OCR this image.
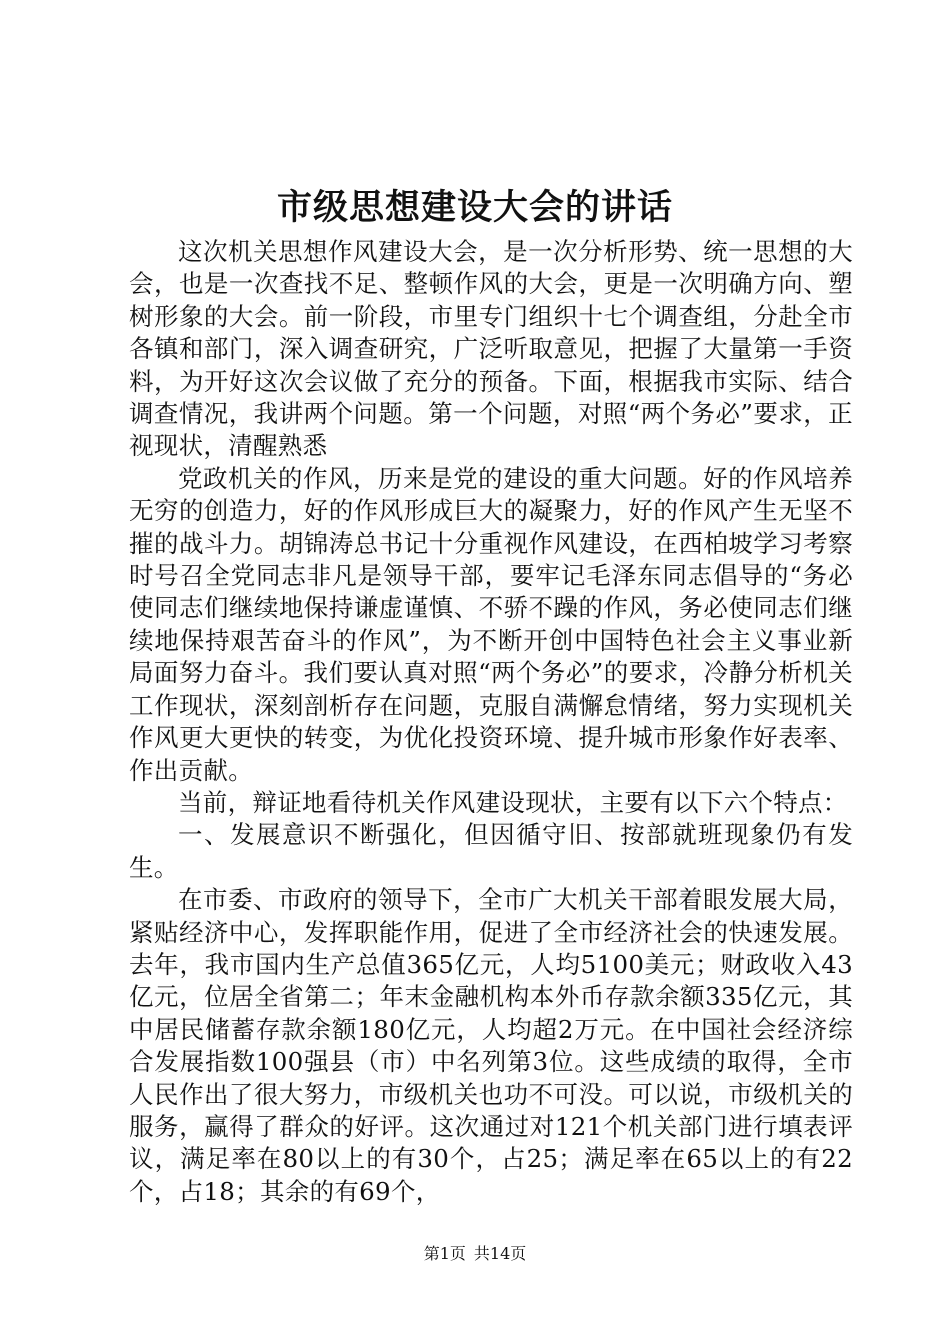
市级思想建设大会的讲话

这次机关思想作风建设大会，是一次分析形势、统一思想的大会，也是一次查找不足、整顿作风的大会，更是一次明确方向、塑树形象的大会。前一阶段，市里专门组织十七个调查组，分赴全市各镇和部门，深入调查研究，广泛听取意见，把握了大量第一手资料，为开好这次会议做了充分的预备。下面，根据我市实际、结合调查情况，我讲两个问题。第一个问题，对照“两个务必”要求，正视现状，清醒熟悉

党政机关的作风，历来是党的建设的重大问题。好的作风培养无穷的创造力，好的作风形成巨大的凝聚力，好的作风产生无坚不摧的战斗力。胡锦涛总书记十分重视作风建设，在西柏坡学习考察时号召全党同志非凡是领导干部，要牢记毛泽东同志倡导的“务必使同志们继续地保持谦虚谨慎、不骄不躁的作风，务必使同志们继续地保持艰苦奋斗的作风”，为不断开创中国特色社会主义事业新局面努力奋斗。我们要认真对照“两个务必”的要求，冷静分析机关工作现状，深刻剖析存在问题，克服自满懈怠情绪，努力实现机关作风更大更快的转变，为优化投资环境、提升城市形象作好表率、作出贡献。

当前，辩证地看待机关作风建设现状，主要有以下六个特点：

一、发展意识不断强化，但因循守旧、按部就班现象仍有发生。

在市委、市政府的领导下，全市广大机关干部着眼发展大局，紧贴经济中心，发挥职能作用，促进了全市经济社会的快速发展。去年，我市国内生产总值365亿元，人均5100美元；财政收入43亿元，位居全省第二；年末金融机构本外币存款余额335亿元，其中居民储蓄存款余额180亿元，人均超2万元。在中国社会经济综合发展指数100强县（市）中名列第3位。这些成绩的取得，全市人民作出了很大努力，市级机关也功不可没。可以说，市级机关的服务，赢得了群众的好评。这次通过对121个机关部门进行填表评议，满足率在80以上的有30个，占25；满足率在65以上的有22个，占18；其余的有69个，

第1页 共14页
